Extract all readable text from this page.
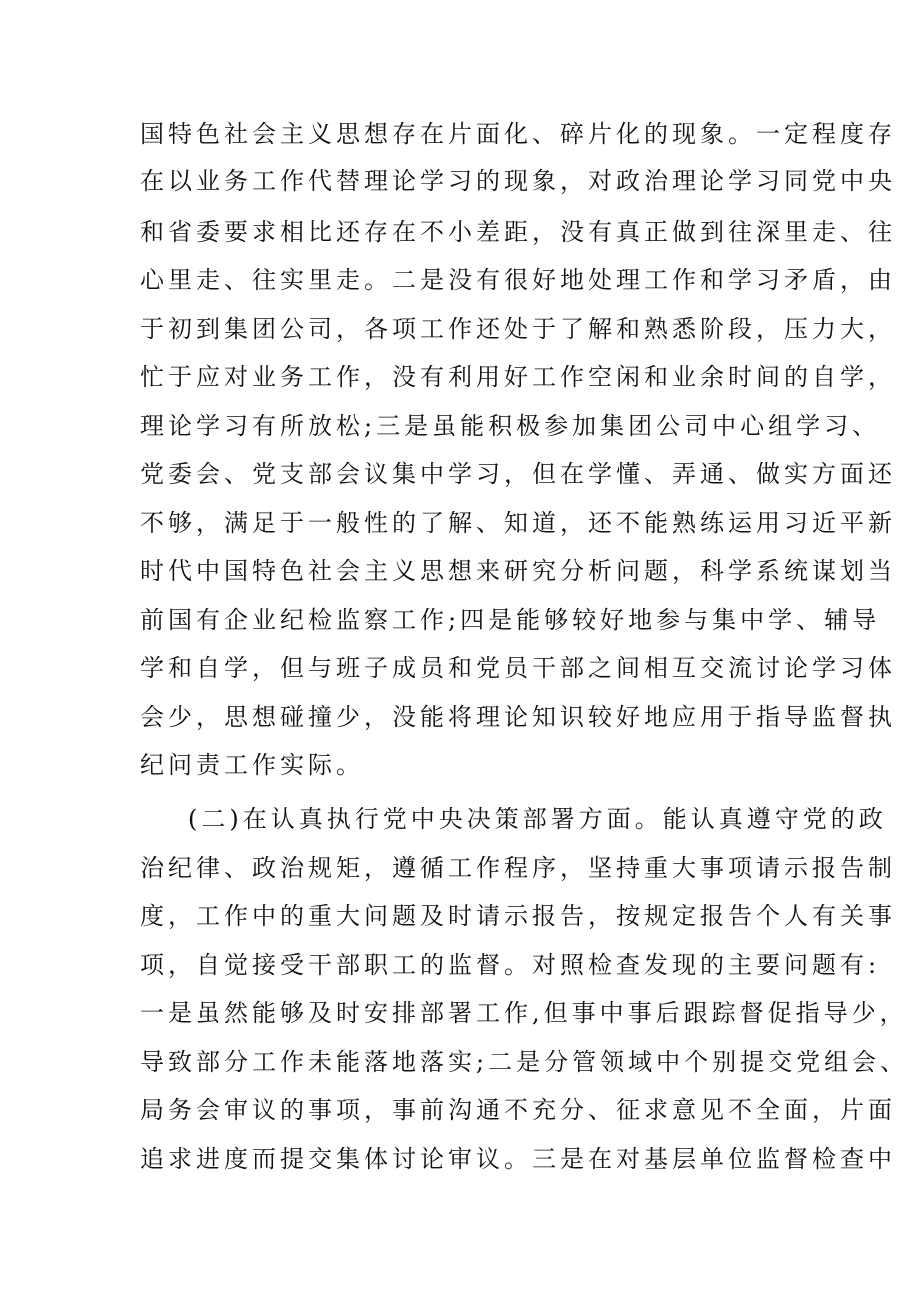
国特色社会主义思想存在片面化、碎片化的现象。一定程度存
在以业务工作代替理论学习的现象，对政治理论学习同党中央
和省委要求相比还存在不小差距，没有真正做到往深里走、往
心里走、往实里走。二是没有很好地处理工作和学习矛盾，由
于初到集团公司，各项工作还处于了解和熟悉阶段，压力大，
忙于应对业务工作，没有利用好工作空闲和业余时间的自学，
理论学习有所放松;三是虽能积极参加集团公司中心组学习、
党委会、党支部会议集中学习，但在学懂、弄通、做实方面还
不够，满足于一般性的了解、知道，还不能熟练运用习近平新
时代中国特色社会主义思想来研究分析问题，科学系统谋划当
前国有企业纪检监察工作;四是能够较好地参与集中学、辅导
学和自学，但与班子成员和党员干部之间相互交流讨论学习体
会少，思想碰撞少，没能将理论知识较好地应用于指导监督执
纪问责工作实际。
(二)在认真执行党中央决策部署方面。能认真遵守党的政
治纪律、政治规矩，遵循工作程序，坚持重大事项请示报告制
度，工作中的重大问题及时请示报告，按规定报告个人有关事
项，自觉接受干部职工的监督。对照检查发现的主要问题有:
一是虽然能够及时安排部署工作,但事中事后跟踪督促指导少，
导致部分工作未能落地落实;二是分管领域中个别提交党组会、
局务会审议的事项，事前沟通不充分、征求意见不全面，片面
追求进度而提交集体讨论审议。三是在对基层单位监督检查中
